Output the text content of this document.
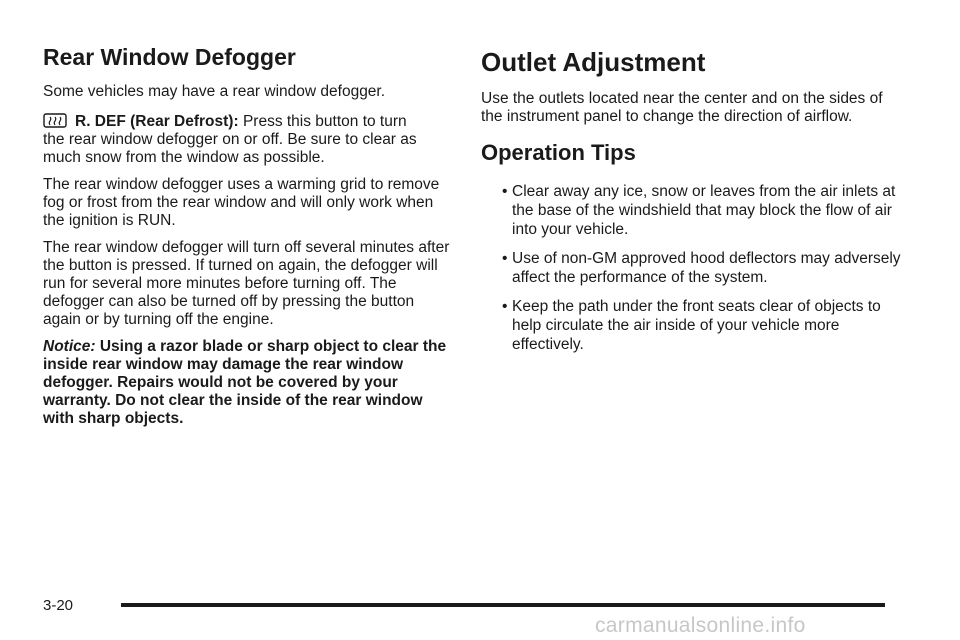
Rear Window Defogger

Some vehicles may have a rear window defogger.

R. DEF (Rear Defrost): Press this button to turn

the rear window defogger on or off. Be sure to clear as much snow from the window as possible.

The rear window defogger uses a warming grid to remove fog or frost from the rear window and will only work when the ignition is RUN.

The rear window defogger will turn off several minutes after the button is pressed. If turned on again, the defogger will run for several more minutes before turning off. The defogger can also be turned off by pressing the button again or by turning off the engine.

Notice: Using a razor blade or sharp object to clear the inside rear window may damage the rear window defogger. Repairs would not be covered by your warranty. Do not clear the inside of the rear window with sharp objects.

Outlet Adjustment

Use the outlets located near the center and on the sides of the instrument panel to change the direction of airflow.

Operation Tips
• Clear away any ice, snow or leaves from the air inlets at the base of the windshield that may block the flow of air into your vehicle.
• Use of non-GM approved hood deflectors may adversely affect the performance of the system.
• Keep the path under the front seats clear of objects to help circulate the air inside of your vehicle more effectively.
3-20
carmanualsonline.info
